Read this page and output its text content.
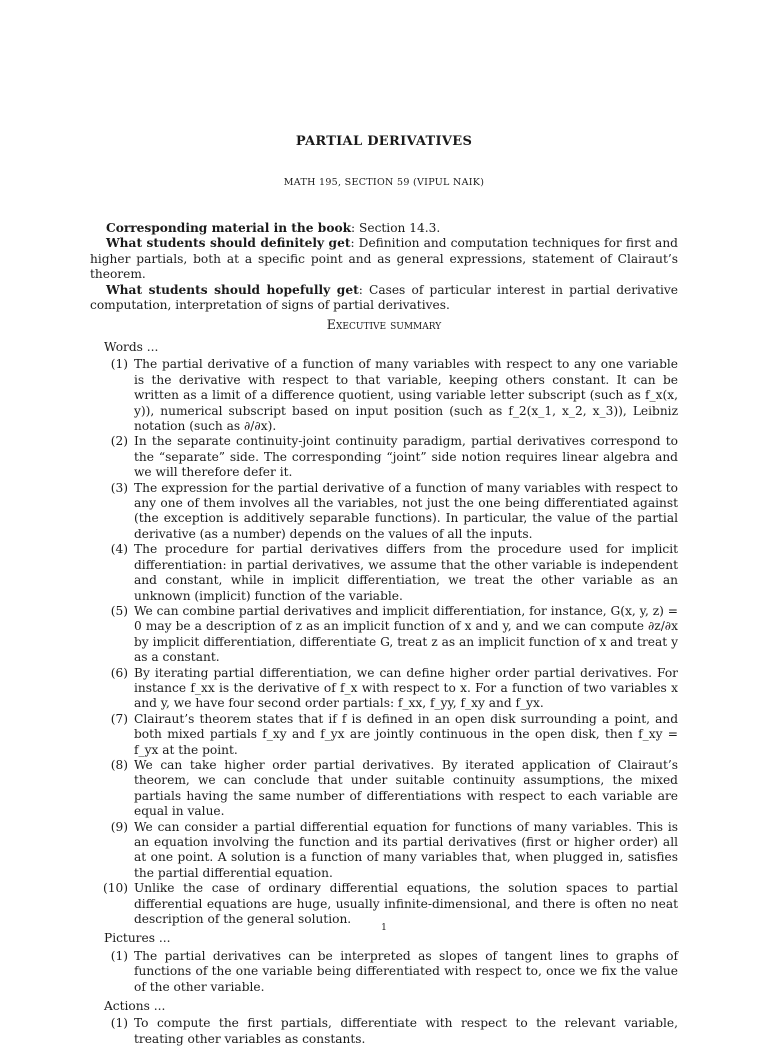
PARTIAL DERIVATIVES
MATH 195, SECTION 59 (VIPUL NAIK)

Corresponding material in the book: Section 14.3.

What students should definitely get: Definition and computation techniques for first and higher partials, both at a specific point and as general expressions, statement of Clairaut’s theorem.

What students should hopefully get: Cases of particular interest in partial derivative computation, interpretation of signs of partial derivatives.

Executive summary
Words ...
(1) The partial derivative of a function of many variables with respect to any one variable is the derivative with respect to that variable, keeping others constant. It can be written as a limit of a difference quotient, using variable letter subscript (such as f_x(x, y)), numerical subscript based on input position (such as f_2(x_1, x_2, x_3)), Leibniz notation (such as ∂/∂x).
(2) In the separate continuity-joint continuity paradigm, partial derivatives correspond to the “separate” side. The corresponding “joint” side notion requires linear algebra and we will therefore defer it.
(3) The expression for the partial derivative of a function of many variables with respect to any one of them involves all the variables, not just the one being differentiated against (the exception is additively separable functions). In particular, the value of the partial derivative (as a number) depends on the values of all the inputs.
(4) The procedure for partial derivatives differs from the procedure used for implicit differentiation: in partial derivatives, we assume that the other variable is independent and constant, while in implicit differentiation, we treat the other variable as an unknown (implicit) function of the variable.
(5) We can combine partial derivatives and implicit differentiation, for instance, G(x, y, z) = 0 may be a description of z as an implicit function of x and y, and we can compute ∂z/∂x by implicit differentiation, differentiate G, treat z as an implicit function of x and treat y as a constant.
(6) By iterating partial differentiation, we can define higher order partial derivatives. For instance f_xx is the derivative of f_x with respect to x. For a function of two variables x and y, we have four second order partials: f_xx, f_yy, f_xy and f_yx.
(7) Clairaut’s theorem states that if f is defined in an open disk surrounding a point, and both mixed partials f_xy and f_yx are jointly continuous in the open disk, then f_xy = f_yx at the point.
(8) We can take higher order partial derivatives. By iterated application of Clairaut’s theorem, we can conclude that under suitable continuity assumptions, the mixed partials having the same number of differentiations with respect to each variable are equal in value.
(9) We can consider a partial differential equation for functions of many variables. This is an equation involving the function and its partial derivatives (first or higher order) all at one point. A solution is a function of many variables that, when plugged in, satisfies the partial differential equation.
(10) Unlike the case of ordinary differential equations, the solution spaces to partial differential equations are huge, usually infinite-dimensional, and there is often no neat description of the general solution.
Pictures ...
(1) The partial derivatives can be interpreted as slopes of tangent lines to graphs of functions of the one variable being differentiated with respect to, once we fix the value of the other variable.
Actions ...
(1) To compute the first partials, differentiate with respect to the relevant variable, treating other variables as constants.
1
